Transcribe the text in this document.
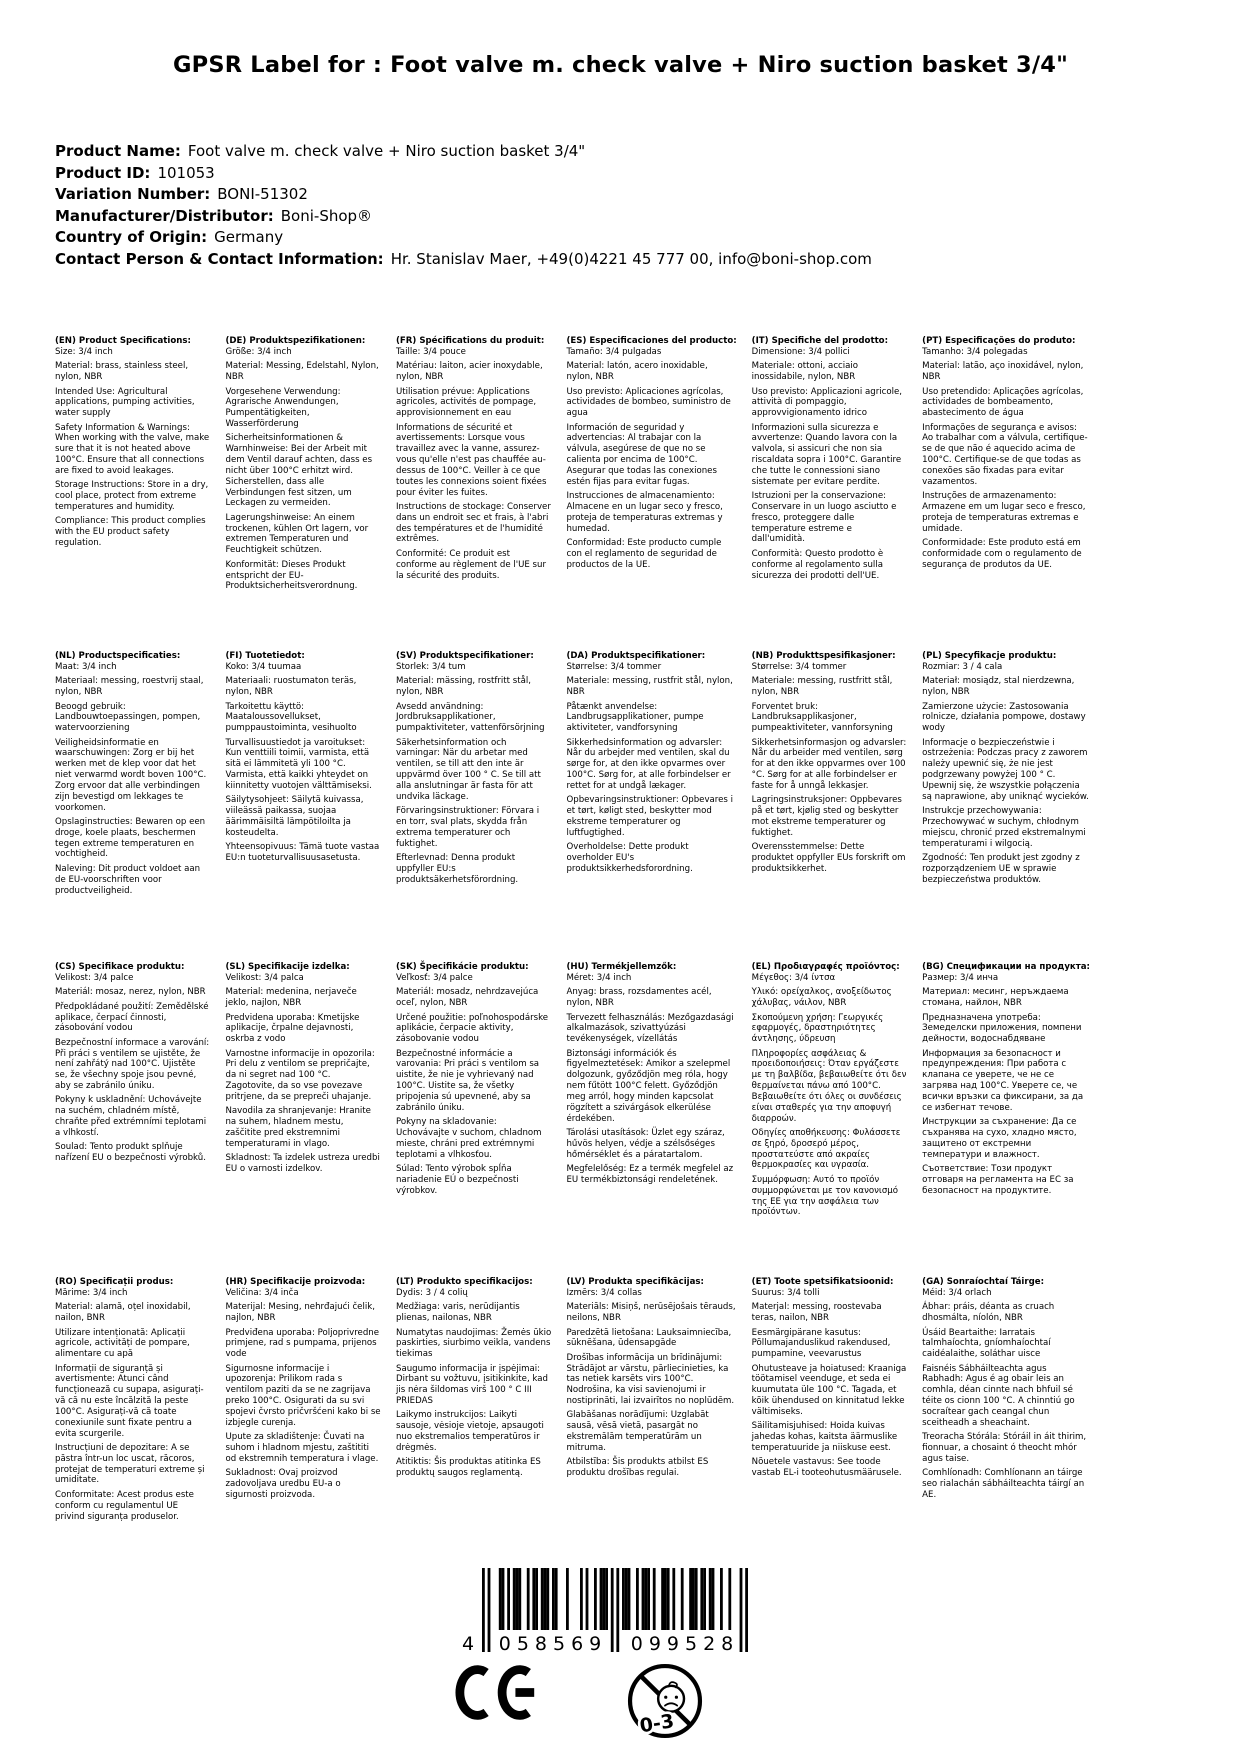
GPSR Label for : Foot valve m. check valve + Niro suction basket 3/4"
Product Name: Foot valve m. check valve + Niro suction basket 3/4"
Product ID: 101053
Variation Number: BONI-51302
Manufacturer/Distributor: Boni-Shop®
Country of Origin: Germany
Contact Person & Contact Information: Hr. Stanislav Maer, +49(0)4221 45 777 00, info@boni-shop.com
(EN) Product Specifications:

Size: 3/4 inch

Material: brass, stainless steel, nylon, NBR

Intended Use: Agricultural applications, pumping activities, water supply

Safety Information & Warnings: When working with the valve, make sure that it is not heated above 100°C. Ensure that all connections are fixed to avoid leakages.

Storage Instructions: Store in a dry, cool place, protect from extreme temperatures and humidity.

Compliance: This product complies with the EU product safety regulation.

(DE) Produktspezifikationen:

Größe: 3/4 inch

Material: Messing, Edelstahl, Nylon, NBR

Vorgesehene Verwendung: Agrarische Anwendungen, Pumpentätigkeiten, Wasserförderung

Sicherheitsinformationen & Warnhinweise: Bei der Arbeit mit dem Ventil darauf achten, dass es nicht über 100°C erhitzt wird. Sicherstellen, dass alle Verbindungen fest sitzen, um Leckagen zu vermeiden.

Lagerungshinweise: An einem trockenen, kühlen Ort lagern, vor extremen Temperaturen und Feuchtigkeit schützen.

Konformität: Dieses Produkt entspricht der EU-Produktsicherheitsverordnung.

(FR) Spécifications du produit:

Taille: 3/4 pouce

Matériau: laiton, acier inoxydable, nylon, NBR

Utilisation prévue: Applications agricoles, activités de pompage, approvisionnement en eau

Informations de sécurité et avertissements: Lorsque vous travaillez avec la vanne, assurez-vous qu'elle n'est pas chauffée au-dessus de 100°C. Veiller à ce que toutes les connexions soient fixées pour éviter les fuites.

Instructions de stockage: Conserver dans un endroit sec et frais, à l'abri des températures et de l'humidité extrêmes.

Conformité: Ce produit est conforme au règlement de l'UE sur la sécurité des produits.

(ES) Especificaciones del producto:

Tamaño: 3/4 pulgadas

Material: latón, acero inoxidable, nylon, NBR

Uso previsto: Aplicaciones agrícolas, actividades de bombeo, suministro de agua

Información de seguridad y advertencias: Al trabajar con la válvula, asegúrese de que no se calienta por encima de 100°C. Asegurar que todas las conexiones estén fijas para evitar fugas.

Instrucciones de almacenamiento: Almacene en un lugar seco y fresco, proteja de temperaturas extremas y humedad.

Conformidad: Este producto cumple con el reglamento de seguridad de productos de la UE.

(IT) Specifiche del prodotto:

Dimensione: 3/4 pollici

Materiale: ottoni, acciaio inossidabile, nylon, NBR

Uso previsto: Applicazioni agricole, attività di pompaggio, approvvigionamento idrico

Informazioni sulla sicurezza e avvertenze: Quando lavora con la valvola, si assicuri che non sia riscaldata sopra i 100°C. Garantire che tutte le connessioni siano sistemate per evitare perdite.

Istruzioni per la conservazione: Conservare in un luogo asciutto e fresco, proteggere dalle temperature estreme e dall'umidità.

Conformità: Questo prodotto è conforme al regolamento sulla sicurezza dei prodotti dell'UE.

(PT) Especificações do produto:

Tamanho: 3/4 polegadas

Material: latão, aço inoxidável, nylon, NBR

Uso pretendido: Aplicações agrícolas, actividades de bombeamento, abastecimento de água

Informações de segurança e avisos: Ao trabalhar com a válvula, certifique-se de que não é aquecido acima de 100°C. Certifique-se de que todas as conexões são fixadas para evitar vazamentos.

Instruções de armazenamento: Armazene em um lugar seco e fresco, proteja de temperaturas extremas e umidade.

Conformidade: Este produto está em conformidade com o regulamento de segurança de produtos da UE.

(NL) Productspecificaties:

Maat: 3/4 inch

Materiaal: messing, roestvrij staal, nylon, NBR

Beoogd gebruik: Landbouwtoepassingen, pompen, watervoorziening

Veiligheidsinformatie en waarschuwingen: Zorg er bij het werken met de klep voor dat het niet verwarmd wordt boven 100°C. Zorg ervoor dat alle verbindingen zijn bevestigd om lekkages te voorkomen.

Opslaginstructies: Bewaren op een droge, koele plaats, beschermen tegen extreme temperaturen en vochtigheid.

Naleving: Dit product voldoet aan de EU-voorschriften voor productveiligheid.

(FI) Tuotetiedot:

Koko: 3/4 tuumaa

Materiaali: ruostumaton teräs, nylon, NBR

Tarkoitettu käyttö: Maataloussovellukset, pumppaustoiminta, vesihuolto

Turvallisuustiedot ja varoitukset: Kun venttiili toimii, varmista, että sitä ei lämmitetä yli 100 °C. Varmista, että kaikki yhteydet on kiinnitetty vuotojen välttämiseksi.

Säilytysohjeet: Säilytä kuivassa, viileässä paikassa, suojaa äärimmäisiltä lämpötiloilta ja kosteudelta.

Yhteensopivuus: Tämä tuote vastaa EU:n tuoteturvallisuusasetusta.

(SV) Produktspecifikationer:

Storlek: 3/4 tum

Material: mässing, rostfritt stål, nylon, NBR

Avsedd användning: Jordbruksapplikationer, pumpaktiviteter, vattenförsörjning

Säkerhetsinformation och varningar: När du arbetar med ventilen, se till att den inte är uppvärmd över 100 ° C. Se till att alla anslutningar är fasta för att undvika läckage.

Förvaringsinstruktioner: Förvara i en torr, sval plats, skydda från extrema temperaturer och fuktighet.

Efterlevnad: Denna produkt uppfyller EU:s produktsäkerhetsförordning.

(DA) Produktspecifikationer:

Størrelse: 3/4 tommer

Materiale: messing, rustfrit stål, nylon, NBR

Påtænkt anvendelse: Landbrugsapplikationer, pumpe aktiviteter, vandforsyning

Sikkerhedsinformation og advarsler: Når du arbejder med ventilen, skal du sørge for, at den ikke opvarmes over 100°C. Sørg for, at alle forbindelser er rettet for at undgå lækager.

Opbevaringsinstruktioner: Opbevares i et tørt, køligt sted, beskytter mod ekstreme temperaturer og luftfugtighed.

Overholdelse: Dette produkt overholder EU's produktsikkerhedsforordning.

(NB) Produkttspesifikasjoner:

Størrelse: 3/4 tommer

Materiale: messing, rustfritt stål, nylon, NBR

Forventet bruk: Landbruksapplikasjoner, pumpeaktiviteter, vannforsyning

Sikkerhetsinformasjon og advarsler: Når du arbeider med ventilen, sørg for at den ikke oppvarmes over 100 °C. Sørg for at alle forbindelser er faste for å unngå lekkasjer.

Lagringsinstruksjoner: Oppbevares på et tørt, kjølig sted og beskytter mot ekstreme temperaturer og fuktighet.

Overensstemmelse: Dette produktet oppfyller EUs forskrift om produktsikkerhet.

(PL) Specyfikacje produktu:

Rozmiar: 3 / 4 cala

Materiał: mosiądz, stal nierdzewna, nylon, NBR

Zamierzone użycie: Zastosowania rolnicze, działania pompowe, dostawy wody

Informacje o bezpieczeństwie i ostrzeżenia: Podczas pracy z zaworem należy upewnić się, że nie jest podgrzewany powyżej 100 ° C. Upewnij się, że wszystkie połączenia są naprawione, aby uniknąć wycieków.

Instrukcje przechowywania: Przechowywać w suchym, chłodnym miejscu, chronić przed ekstremalnymi temperaturami i wilgocią.

Zgodność: Ten produkt jest zgodny z rozporządzeniem UE w sprawie bezpieczeństwa produktów.

(CS) Specifikace produktu:

Velikost: 3/4 palce

Materiál: mosaz, nerez, nylon, NBR

Předpokládané použití: Zemědělské aplikace, čerpací činnosti, zásobování vodou

Bezpečnostní informace a varování: Při práci s ventilem se ujistěte, že není zahřátý nad 100°C. Ujistěte se, že všechny spoje jsou pevné, aby se zabránilo úniku.

Pokyny k uskladnění: Uchovávejte na suchém, chladném místě, chraňte před extrémními teplotami a vlhkostí.

Soulad: Tento produkt splňuje nařízení EU o bezpečnosti výrobků.

(SL) Specifikacije izdelka:

Velikost: 3/4 palca

Material: medenina, nerjaveče jeklo, najlon, NBR

Predvidena uporaba: Kmetijske aplikacije, črpalne dejavnosti, oskrba z vodo

Varnostne informacije in opozorila: Pri delu z ventilom se prepričajte, da ni segret nad 100 °C. Zagotovite, da so vse povezave pritrjene, da se prepreči uhajanje.

Navodila za shranjevanje: Hranite na suhem, hladnem mestu, zaščitite pred ekstremnimi temperaturami in vlago.

Skladnost: Ta izdelek ustreza uredbi EU o varnosti izdelkov.

(SK) Špecifikácie produktu:

Veľkosť: 3/4 palce

Materiál: mosadz, nehrdzavejúca oceľ, nylon, NBR

Určené použitie: poľnohospodárske aplikácie, čerpacie aktivity, zásobovanie vodou

Bezpečnostné informácie a varovania: Pri práci s ventilom sa uistite, že nie je vyhrievaný nad 100°C. Uistite sa, že všetky pripojenia sú upevnené, aby sa zabránilo úniku.

Pokyny na skladovanie: Uchovávajte v suchom, chladnom mieste, chráni pred extrémnymi teplotami a vlhkosťou.

Súlad: Tento výrobok spĺňa nariadenie EÚ o bezpečnosti výrobkov.

(HU) Termékjellemzők:

Méret: 3/4 inch

Anyag: brass, rozsdamentes acél, nylon, NBR

Tervezett felhasználás: Mezőgazdasági alkalmazások, szivattyúzási tevékenységek, vízellátás

Biztonsági információk és figyelmeztetések: Amikor a szelepmel dolgozunk, győződjön meg róla, hogy nem fűtött 100°C felett. Győződjön meg arról, hogy minden kapcsolat rögzített a szivárgások elkerülése érdekében.

Tárolási utasítások: Üzlet egy száraz, hűvös helyen, védje a szélsőséges hőmérséklet és a páratartalom.

Megfelelőség: Ez a termék megfelel az EU termékbiztonsági rendeletének.

(EL) Προδιαγραφές προϊόντος:

Μέγεθος: 3/4 ίντσα

Υλικό: ορείχαλκος, ανοξείδωτος χάλυβας, νάιλον, NBR

Σκοπούμενη χρήση: Γεωργικές εφαρμογές, δραστηριότητες άντλησης, ύδρευση

Πληροφορίες ασφάλειας & προειδοποιήσεις: Όταν εργάζεστε με τη βαλβίδα, βεβαιωθείτε ότι δεν θερμαίνεται πάνω από 100°C. Βεβαιωθείτε ότι όλες οι συνδέσεις είναι σταθερές για την αποφυγή διαρροών.

Οδηγίες αποθήκευσης: Φυλάσσετε σε ξηρό, δροσερό μέρος, προστατεύστε από ακραίες θερμοκρασίες και υγρασία.

Συμμόρφωση: Αυτό το προϊόν συμμορφώνεται με τον κανονισμό της ΕΕ για την ασφάλεια των προϊόντων.

(BG) Спецификации на продукта:

Размер: 3/4 инча

Материал: месинг, неръждаема стомана, найлон, NBR

Предназначена употреба: Земеделски приложения, помпени дейности, водоснабдяване

Информация за безопасност и предупреждения: При работа с клапана се уверете, че не се загрява над 100°C. Уверете се, че всички връзки са фиксирани, за да се избегнат течове.

Инструкции за съхранение: Да се съхранява на сухо, хладно място, защитено от екстремни температури и влажност.

Съответствие: Този продукт отговаря на регламента на ЕС за безопасност на продуктите.

(RO) Specificații produs:

Mărime: 3/4 inch

Material: alamă, oțel inoxidabil, nailon, BNR

Utilizare intenționată: Aplicații agricole, activități de pompare, alimentare cu apă

Informații de siguranță și avertismente: Atunci când funcționează cu supapa, asigurați-vă că nu este încălzită la peste 100°C. Asigurați-vă că toate conexiunile sunt fixate pentru a evita scurgerile.

Instrucțiuni de depozitare: A se păstra într-un loc uscat, răcoros, protejat de temperaturi extreme și umiditate.

Conformitate: Acest produs este conform cu regulamentul UE privind siguranța produselor.

(HR) Specifikacije proizvoda:

Veličina: 3/4 inča

Materijal: Mesing, nehrđajući čelik, najlon, NBR

Predviđena uporaba: Poljoprivredne primjene, rad s pumpama, prijenos vode

Sigurnosne informacije i upozorenja: Prilikom rada s ventilom paziti da se ne zagrijava preko 100°C. Osigurati da su svi spojevi čvrsto pričvršćeni kako bi se izbjegle curenja.

Upute za skladištenje: Čuvati na suhom i hladnom mjestu, zaštititi od ekstremnih temperatura i vlage.

Sukladnost: Ovaj proizvod zadovoljava uredbu EU-a o sigurnosti proizvoda.

(LT) Produkto specifikacijos:

Dydis: 3 / 4 colių

Medžiaga: varis, nerūdijantis plienas, nailonas, NBR

Numatytas naudojimas: Žemės ūkio paskirties, siurbimo veikla, vandens tiekimas

Saugumo informacija ir įspėjimai: Dirbant su vožtuvu, įsitikinkite, kad jis nėra šildomas virš 100 ° C III PRIEDAS

Laikymo instrukcijos: Laikyti sausoje, vėsioje vietoje, apsaugoti nuo ekstremalios temperatūros ir drėgmės.

Atitiktis: Šis produktas atitinka ES produktų saugos reglamentą.

(LV) Produkta specifikācijas:

Izmērs: 3/4 collas

Materiāls: Misiņš, nerūsējošais tērauds, neilons, NBR

Paredzētā lietošana: Lauksaimniecība, sūknēšana, ūdensapgāde

Drošības informācija un brīdinājumi: Strādājot ar vārstu, pārliecinieties, ka tas netiek karsēts virs 100°C. Nodrošina, ka visi savienojumi ir nostiprināti, lai izvairītos no noplūdēm.

Glabāšanas norādījumi: Uzglabāt sausā, vēsā vietā, pasargāt no ekstremālām temperatūrām un mitruma.

Atbilstība: Šis produkts atbilst ES produktu drošības regulai.

(ET) Toote spetsifikatsioonid:

Suurus: 3/4 tolli

Materjal: messing, roostevaba teras, nailon, NBR

Eesmärgipärane kasutus: Põllumajanduslikud rakendused, pumpamine, veevarustus

Ohutusteave ja hoiatused: Kraaniga töötamisel veenduge, et seda ei kuumutata üle 100 °C. Tagada, et kõik ühendused on kinnitatud lekke vältimiseks.

Säilitamisjuhised: Hoida kuivas jahedas kohas, kaitsta äärmuslike temperatuuride ja niiskuse eest.

Nõuetele vastavus: See toode vastab EL-i tooteohutusmäärusele.

(GA) Sonraíochtaí Táirge:

Méid: 3/4 orlach

Ábhar: práis, déanta as cruach dhosmálta, níolón, NBR

Úsáid Beartaithe: Iarratais talmhaíochta, gníomhaíochtaí caidéalaithe, soláthar uisce

Faisnéis Sábháilteachta agus Rabhadh: Agus é ag obair leis an comhla, déan cinnte nach bhfuil sé téite os cionn 100 °C. A chinntiú go socraítear gach ceangal chun sceitheadh a sheachaint.

Treoracha Stórála: Stóráil in áit thirim, fionnuar, a chosaint ó theocht mhór agus taise.

Comhlíonadh: Comhlíonann an táirge seo rialachán sábháilteachta táirgí an AE.

4 058569 099528
0-3
